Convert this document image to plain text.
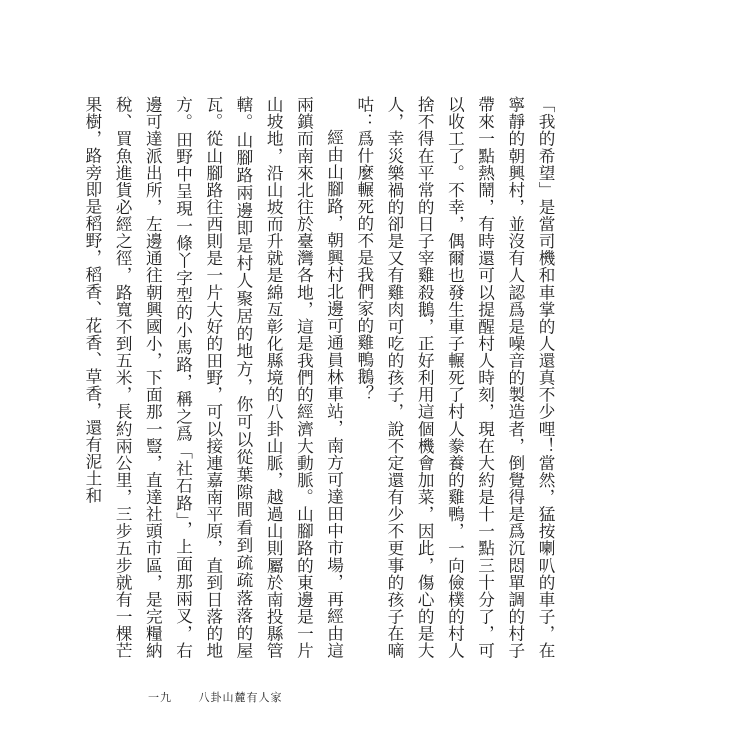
「我的希望」是當司機和車掌的人還真不少哩！當然，猛按喇叭的車子，在寧靜的朝興村，並沒有人認爲是噪音的製造者，倒覺得是爲沉悶單調的村子帶來一點熱鬧，有時還可以提醒村人時刻，現在大約是十一點三十分了，可以收工了。不幸，偶爾也發生車子輾死了村人豢養的雞鴨，一向儉樸的村人捨不得在平常的日子宰雞殺鵝，正好利用這個機會加菜，因此，傷心的是大人，幸災樂禍的卻是又有雞肉可吃的孩子，說不定還有少不更事的孩子在嘀咕：爲什麼輾死的不是我們家的雞鴨鵝？

經由山腳路，朝興村北邊可通員林車站，南方可達田中市場，再經由這兩鎮而南來北往於臺灣各地，這是我們的經濟大動脈。山腳路的東邊是一片山坡地，沿山坡而升就是綿亙彰化縣境的八卦山脈，越過山則屬於南投縣管轄。山腳路兩邊即是村人聚居的地方，你可以從葉隙間看到疏疏落落的屋瓦。從山腳路往西則是一片大好的田野，可以接連嘉南平原，直到日落的地方。田野中呈現一條丫字型的小馬路，稱之爲「社石路」，上面那兩叉，右邊可達派出所，左邊通往朝興國小，下面那一豎，直達社頭市區，是完糧納稅、買魚進貨必經之徑，路寬不到五米，長約兩公里，三步五步就有一棵芒果樹，路旁即是稻野，稻香、花香、草香，還有泥土和

一九 八卦山麓有人家
